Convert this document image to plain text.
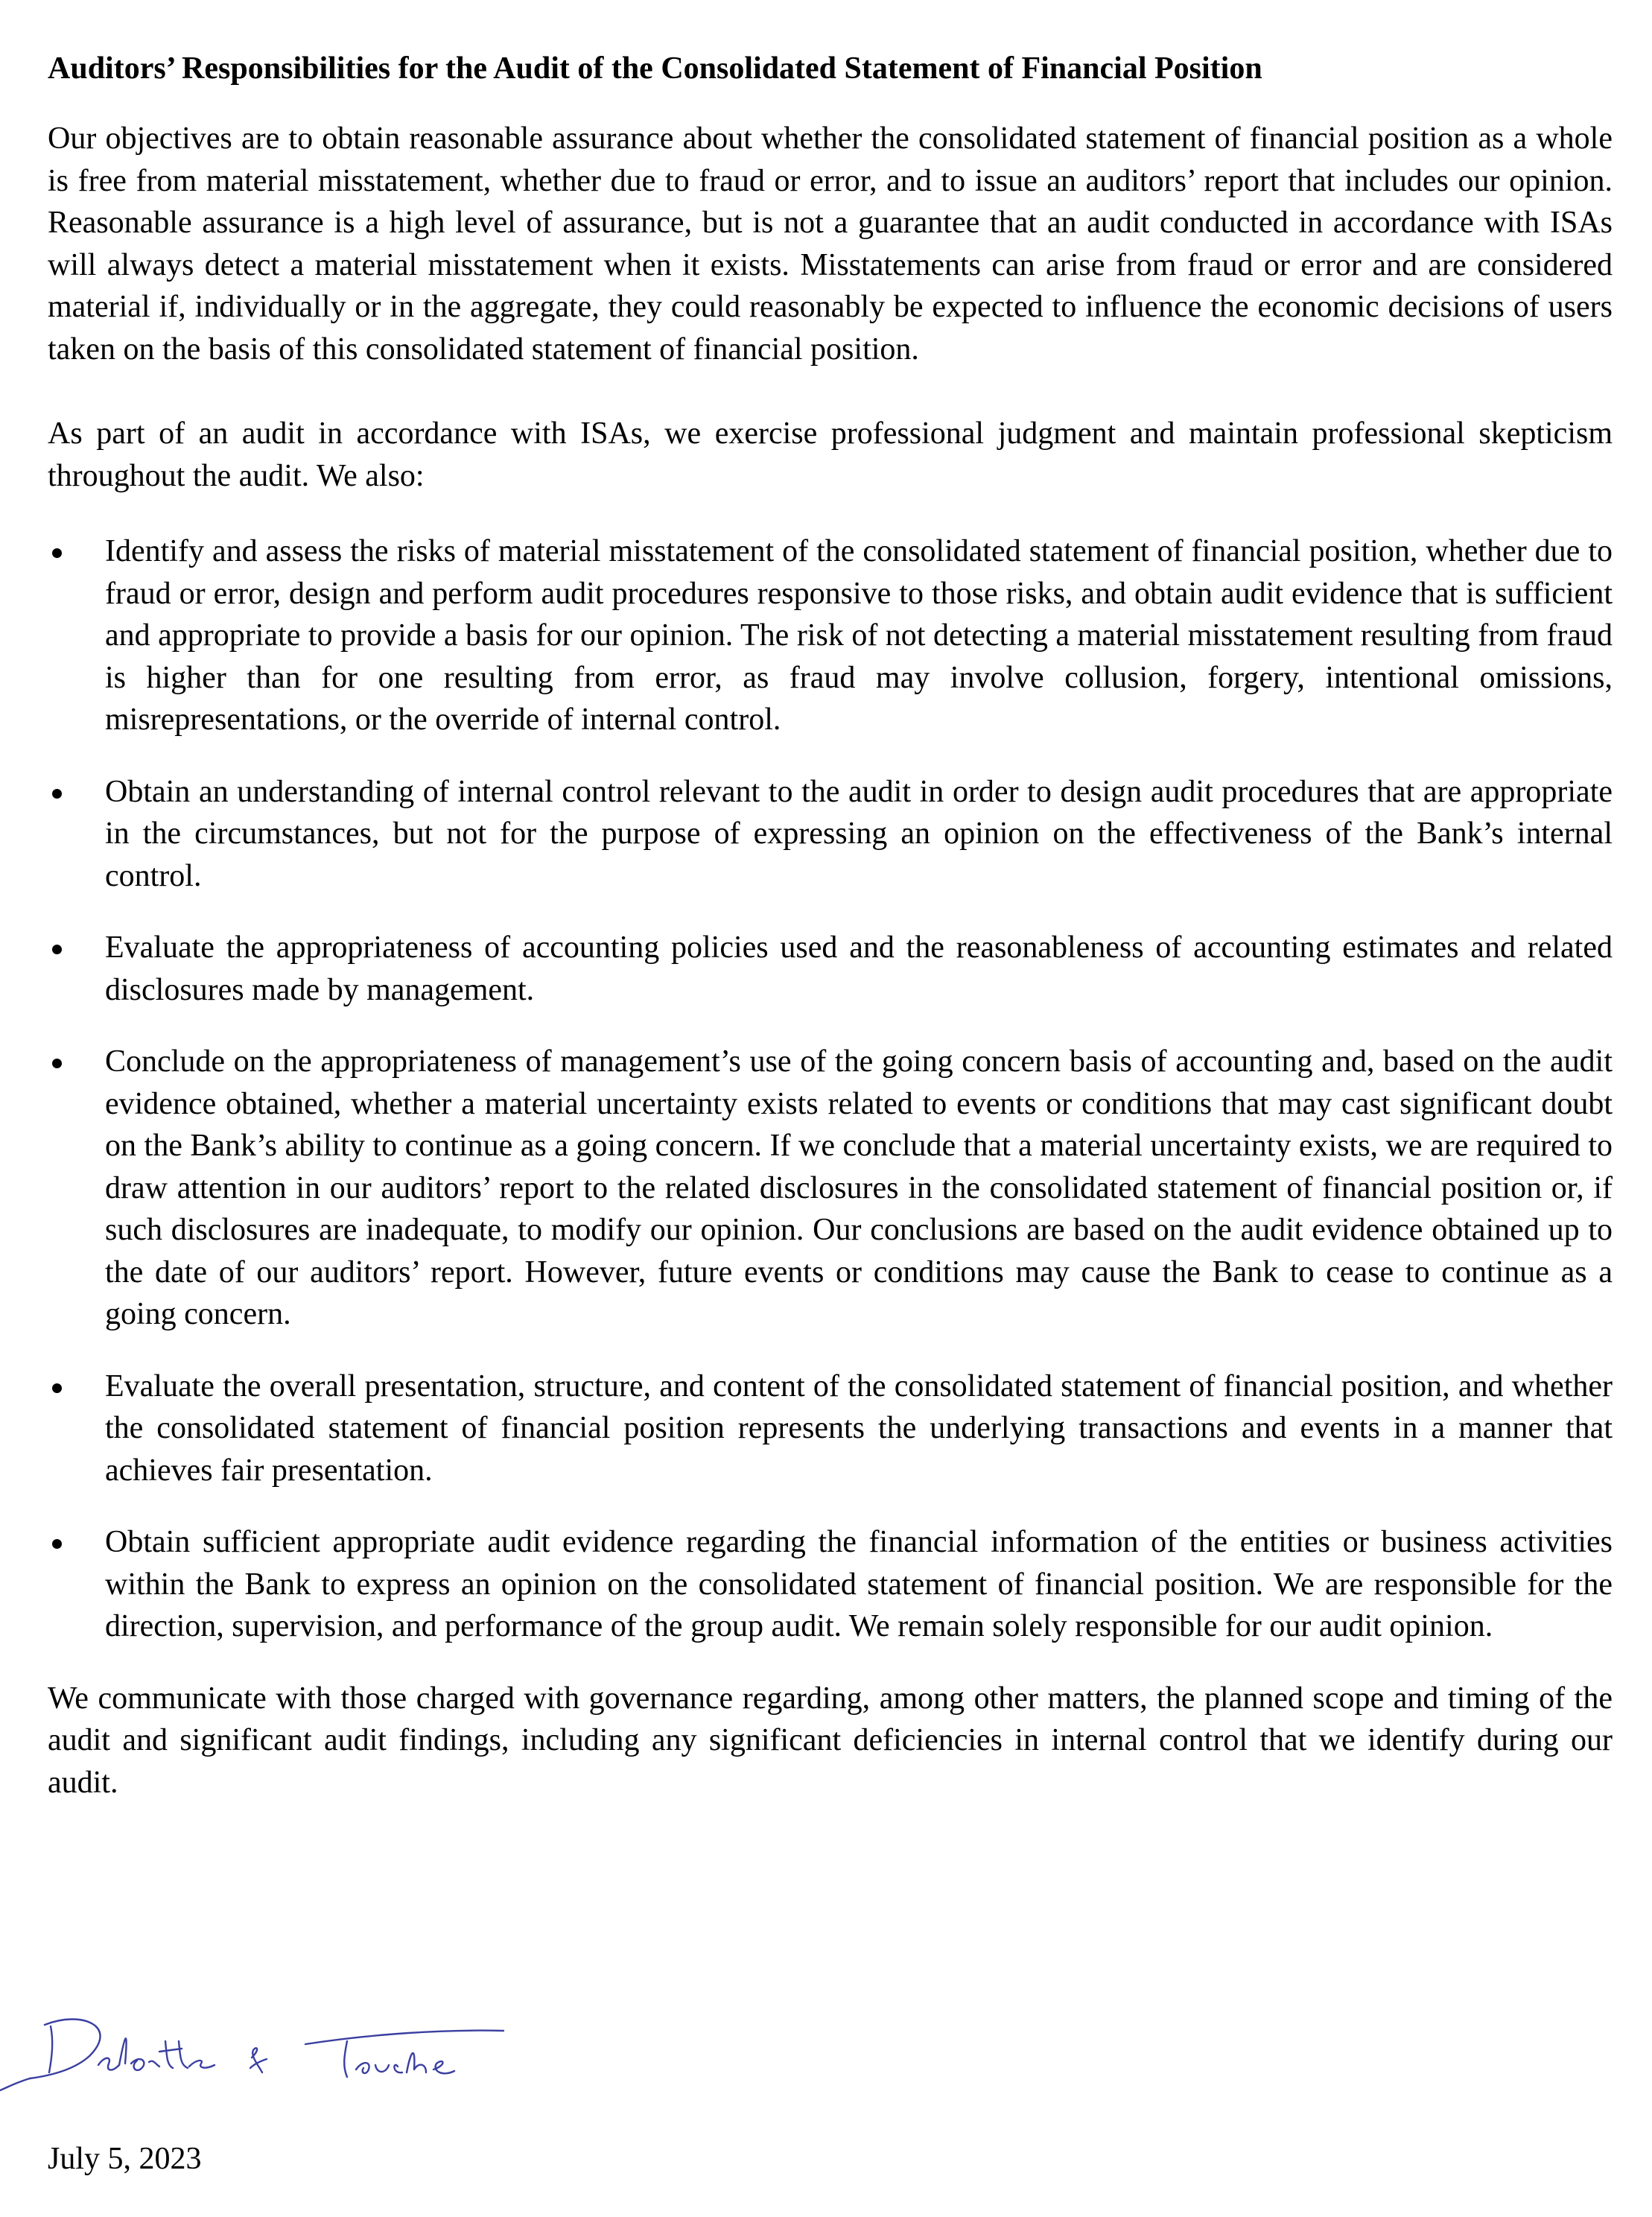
Auditors’ Responsibilities for the Audit of the Consolidated Statement of Financial Position

Our objectives are to obtain reasonable assurance about whether the consolidated statement of financial position as a whole is free from material misstatement, whether due to fraud or error, and to issue an auditors’ report that includes our opinion. Reasonable assurance is a high level of assurance, but is not a guarantee that an audit conducted in accordance with ISAs will always detect a material misstatement when it exists. Misstatements can arise from fraud or error and are considered material if, individually or in the aggregate, they could reasonably be expected to influence the economic decisions of users taken on the basis of this consolidated statement of financial position.

As part of an audit in accordance with ISAs, we exercise professional judgment and maintain professional skepticism throughout the audit. We also:

Identify and assess the risks of material misstatement of the consolidated statement of financial position, whether due to fraud or error, design and perform audit procedures responsive to those risks, and obtain audit evidence that is sufficient and appropriate to provide a basis for our opinion. The risk of not detecting a material misstatement resulting from fraud is higher than for one resulting from error, as fraud may involve collusion, forgery, intentional omissions, misrepresentations, or the override of internal control.
Obtain an understanding of internal control relevant to the audit in order to design audit procedures that are appropriate in the circumstances, but not for the purpose of expressing an opinion on the effectiveness of the Bank’s internal control.
Evaluate the appropriateness of accounting policies used and the reasonableness of accounting estimates and related disclosures made by management.
Conclude on the appropriateness of management’s use of the going concern basis of accounting and, based on the audit evidence obtained, whether a material uncertainty exists related to events or conditions that may cast significant doubt on the Bank’s ability to continue as a going concern. If we conclude that a material uncertainty exists, we are required to draw attention in our auditors’ report to the related disclosures in the consolidated statement of financial position or, if such disclosures are inadequate, to modify our opinion. Our conclusions are based on the audit evidence obtained up to the date of our auditors’ report. However, future events or conditions may cause the Bank to cease to continue as a going concern.
Evaluate the overall presentation, structure, and content of the consolidated statement of financial position, and whether the consolidated statement of financial position represents the underlying transactions and events in a manner that achieves fair presentation.
Obtain sufficient appropriate audit evidence regarding the financial information of the entities or business activities within the Bank to express an opinion on the consolidated statement of financial position. We are responsible for the direction, supervision, and performance of the group audit. We remain solely responsible for our audit opinion.

We communicate with those charged with governance regarding, among other matters, the planned scope and timing of the audit and significant audit findings, including any significant deficiencies in internal control that we identify during our audit.

Deloitte & Touche
July 5, 2023
